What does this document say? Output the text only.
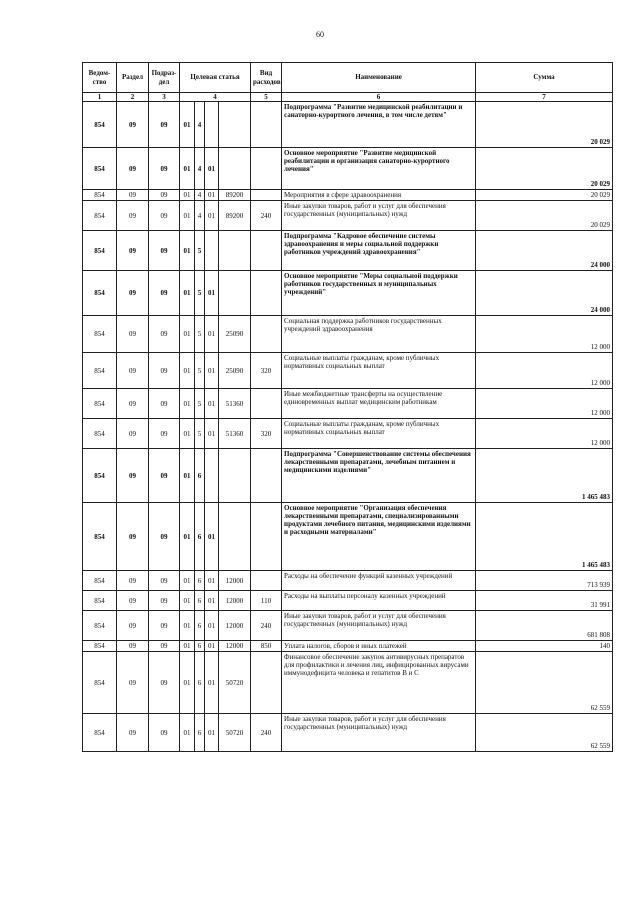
60
Ведом-ство	Раздел	Подраз-дел	Целевая статья				Вид расходов	Наименование	Сумма
1	2	3	4				5	6	7
854	09	09	01	4				Подпрограмма "Развитие медицинской реабилитации и санаторно-курортного лечения, в том числе детям"	20 029
854	09	09	01	4	01			Основное мероприятие "Развитие медицинской реабилитации и организация санаторно-курортного лечения"	20 029
854	09	09	01	4	01	89200		Мероприятия в сфере здравоохранения	20 029
854	09	09	01	4	01	89200	240	Иные закупки товаров, работ и услуг для обеспечения государственных (муниципальных) нужд	20 029
854	09	09	01	5				Подпрограмма "Кадровое обеспечение системы здравоохранения и меры социальной поддержки работников учреждений здравоохранения"	24 000
854	09	09	01	5	01			Основное мероприятие "Меры социальной поддержки работников государственных и муниципальных учреждений"	24 000
854	09	09	01	5	01	25090		Социальная поддержка работников государственных учреждений здравоохранения	12 000
854	09	09	01	5	01	25090	320	Социальные выплаты гражданам, кроме публичных нормативных социальных выплат	12 000
854	09	09	01	5	01	51360		Иные межбюджетные трансферты на осуществление единовременных выплат медицинским работникам	12 000
854	09	09	01	5	01	51360	320	Социальные выплаты гражданам, кроме публичных нормативных социальных выплат	12 000
854	09	09	01	6				Подпрограмма "Совершенствование системы обеспечения лекарственными препаратами, лечебным питанием и медицинскими изделиями"	1 465 483
854	09	09	01	6	01			Основное мероприятие "Организация обеспечения лекарственными препаратами, специализированными продуктами лечебного питания, медицинскими изделиями и расходными материалами"	1 465 483
854	09	09	01	6	01	12000		Расходы на обеспечение функций казенных учреждений	713 939
854	09	09	01	6	01	12000	110	Расходы на выплаты персоналу казенных учреждений	31 991
854	09	09	01	6	01	12000	240	Иные закупки товаров, работ и услуг для обеспечения государственных (муниципальных) нужд	681 808
854	09	09	01	6	01	12000	850	Уплата налогов, сборов и иных платежей	140
854	09	09	01	6	01	50720		Финансовое обеспечение закупок антивирусных препаратов для профилактики и лечения лиц, инфицированных вирусами иммунодефицита человека и гепатитов В и С	62 559
854	09	09	01	6	01	50720	240	Иные закупки товаров, работ и услуг для обеспечения государственных (муниципальных) нужд	62 559
